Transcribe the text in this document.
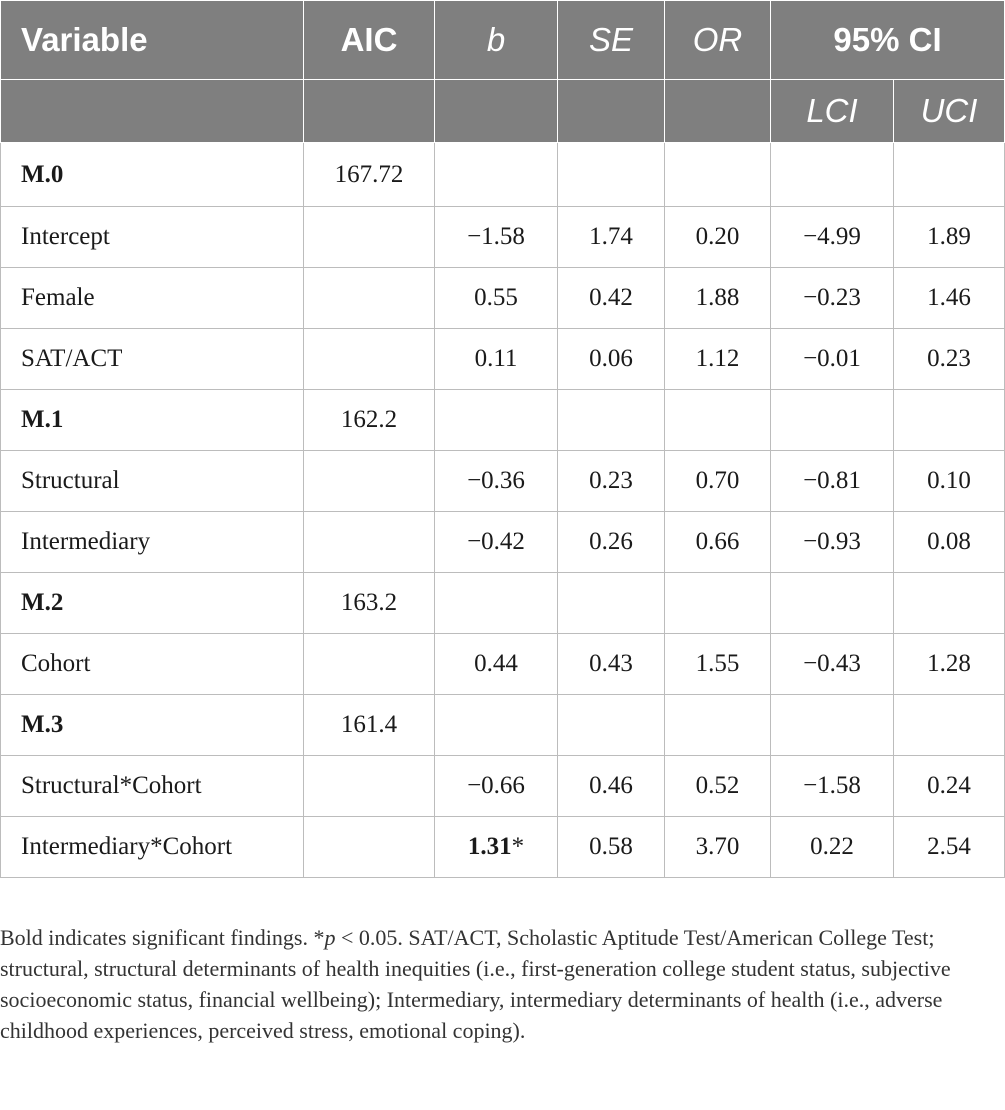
Variable	AIC	b	SE	OR	95% CI	
					LCI	UCI
M.0	167.72					
Intercept		−1.58	1.74	0.20	−4.99	1.89
Female		0.55	0.42	1.88	−0.23	1.46
SAT/ACT		0.11	0.06	1.12	−0.01	0.23
M.1	162.2					
Structural		−0.36	0.23	0.70	−0.81	0.10
Intermediary		−0.42	0.26	0.66	−0.93	0.08
M.2	163.2					
Cohort		0.44	0.43	1.55	−0.43	1.28
M.3	161.4					
Structural*Cohort		−0.66	0.46	0.52	−1.58	0.24
Intermediary*Cohort		1.31*	0.58	3.70	0.22	2.54

Bold indicates significant findings. *p < 0.05. SAT/ACT, Scholastic Aptitude Test/American College Test; structural, structural determinants of health inequities (i.e., first-generation college student status, subjective socioeconomic status, financial wellbeing); Intermediary, intermediary determinants of health (i.e., adverse childhood experiences, perceived stress, emotional coping).
